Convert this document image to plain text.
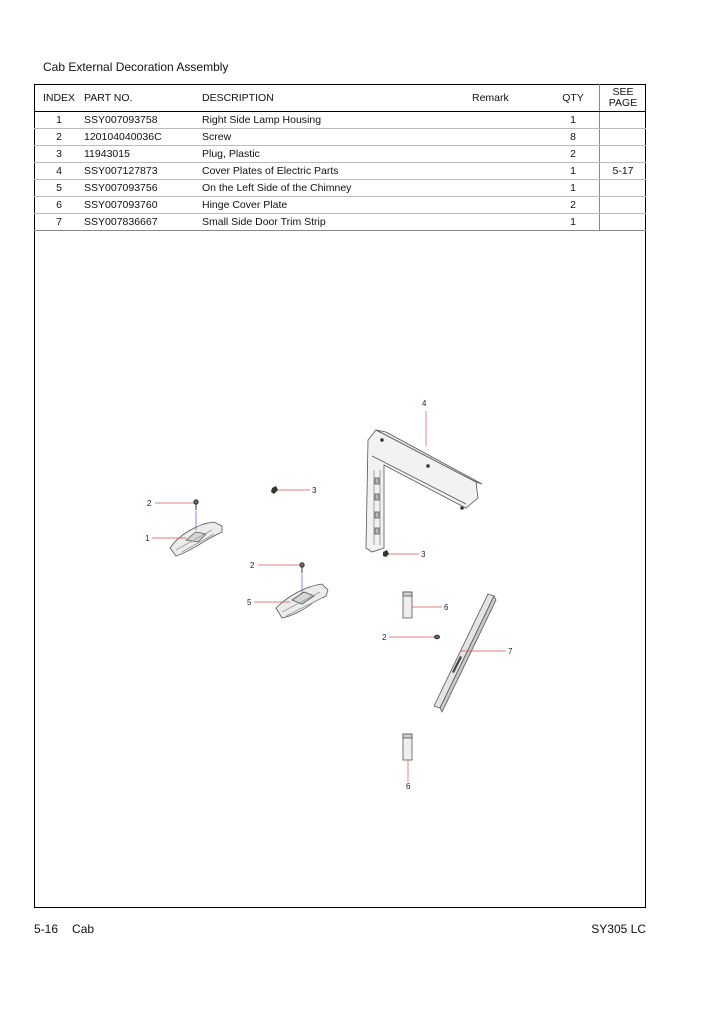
Cab External Decoration Assembly
INDEX	PART NO.	DESCRIPTION	Remark	QTY	SEE
PAGE
1	SSY007093758	Right Side Lamp Housing		1	
2	120104040036C	Screw		8	
3	11943015	Plug, Plastic		2	
4	SSY007127873	Cover Plates of Electric Parts		1	5-17
5	SSY007093756	On the Left Side of the Chimney		1	
6	SSY007093760	Hinge Cover Plate		2	
7	SSY007836667	Small Side Door Trim Strip		1	
4
3
2
1
3
2
5
6
2
7
6
5-16 Cab	SY305 LC
